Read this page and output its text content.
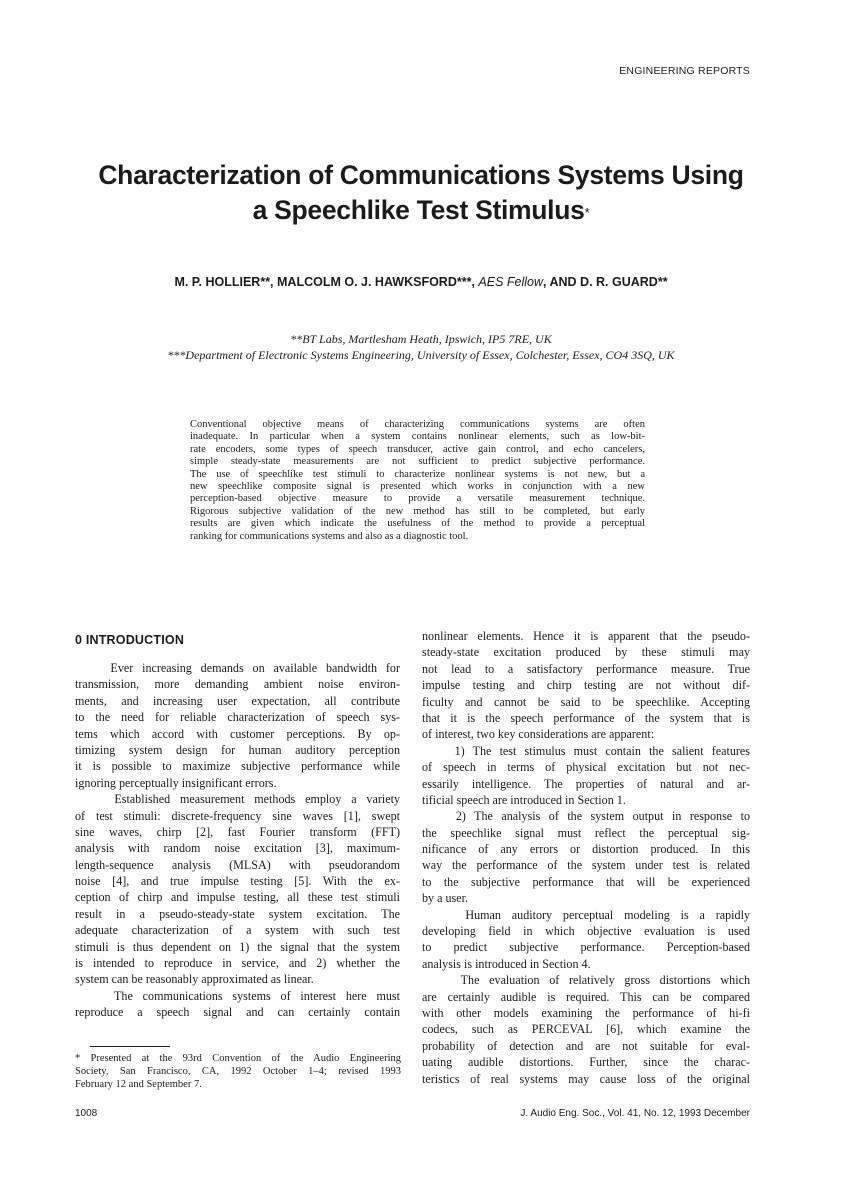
ENGINEERING REPORTS
Characterization of Communications Systems Using
a Speechlike Test Stimulus*
M. P. HOLLIER**, MALCOLM O. J. HAWKSFORD***, AES Fellow, AND D. R. GUARD**
**BT Labs, Martlesham Heath, Ipswich, IP5 7RE, UK
***Department of Electronic Systems Engineering, University of Essex, Colchester, Essex, CO4 3SQ, UK
Conventional objective means of characterizing communications systems are often
inadequate. In particular when a system contains nonlinear elements, such as low-bit-
rate encoders, some types of speech transducer, active gain control, and echo cancelers,
simple steady-state measurements are not sufficient to predict subjective performance.
The use of speechlike test stimuli to characterize nonlinear systems is not new, but a
new speechlike composite signal is presented which works in conjunction with a new
perception-based objective measure to provide a versatile measurement technique.
Rigorous subjective validation of the new method has still to be completed, but early
results are given which indicate the usefulness of the method to provide a perceptual
ranking for communications systems and also as a diagnostic tool.
0 INTRODUCTION
Ever increasing demands on available bandwidth for
transmission, more demanding ambient noise environ-
ments, and increasing user expectation, all contribute
to the need for reliable characterization of speech sys-
tems which accord with customer perceptions. By op-
timizing system design for human auditory perception
it is possible to maximize subjective performance while
ignoring perceptually insignificant errors.
Established measurement methods employ a variety
of test stimuli: discrete-frequency sine waves [1], swept
sine waves, chirp [2], fast Fourier transform (FFT)
analysis with random noise excitation [3], maximum-
length-sequence analysis (MLSA) with pseudorandom
noise [4], and true impulse testing [5]. With the ex-
ception of chirp and impulse testing, all these test stimuli
result in a pseudo-steady-state system excitation. The
adequate characterization of a system with such test
stimuli is thus dependent on 1) the signal that the system
is intended to reproduce in service, and 2) whether the
system can be reasonably approximated as linear.
The communications systems of interest here must
reproduce a speech signal and can certainly contain
nonlinear elements. Hence it is apparent that the pseudo-
steady-state excitation produced by these stimuli may
not lead to a satisfactory performance measure. True
impulse testing and chirp testing are not without dif-
ficulty and cannot be said to be speechlike. Accepting
that it is the speech performance of the system that is
of interest, two key considerations are apparent:
1) The test stimulus must contain the salient features
of speech in terms of physical excitation but not nec-
essarily intelligence. The properties of natural and ar-
tificial speech are introduced in Section 1.
2) The analysis of the system output in response to
the speechlike signal must reflect the perceptual sig-
nificance of any errors or distortion produced. In this
way the performance of the system under test is related
to the subjective performance that will be experienced
by a user.
Human auditory perceptual modeling is a rapidly
developing field in which objective evaluation is used
to predict subjective performance. Perception-based
analysis is introduced in Section 4.
The evaluation of relatively gross distortions which
are certainly audible is required. This can be compared
with other models examining the performance of hi-fi
codecs, such as PERCEVAL [6], which examine the
probability of detection and are not suitable for eval-
uating audible distortions. Further, since the charac-
teristics of real systems may cause loss of the original
* Presented at the 93rd Convention of the Audio Engineering
Society, San Francisco, CA, 1992 October 1–4; revised 1993
February 12 and September 7.
1008	J. Audio Eng. Soc., Vol. 41, No. 12, 1993 December
